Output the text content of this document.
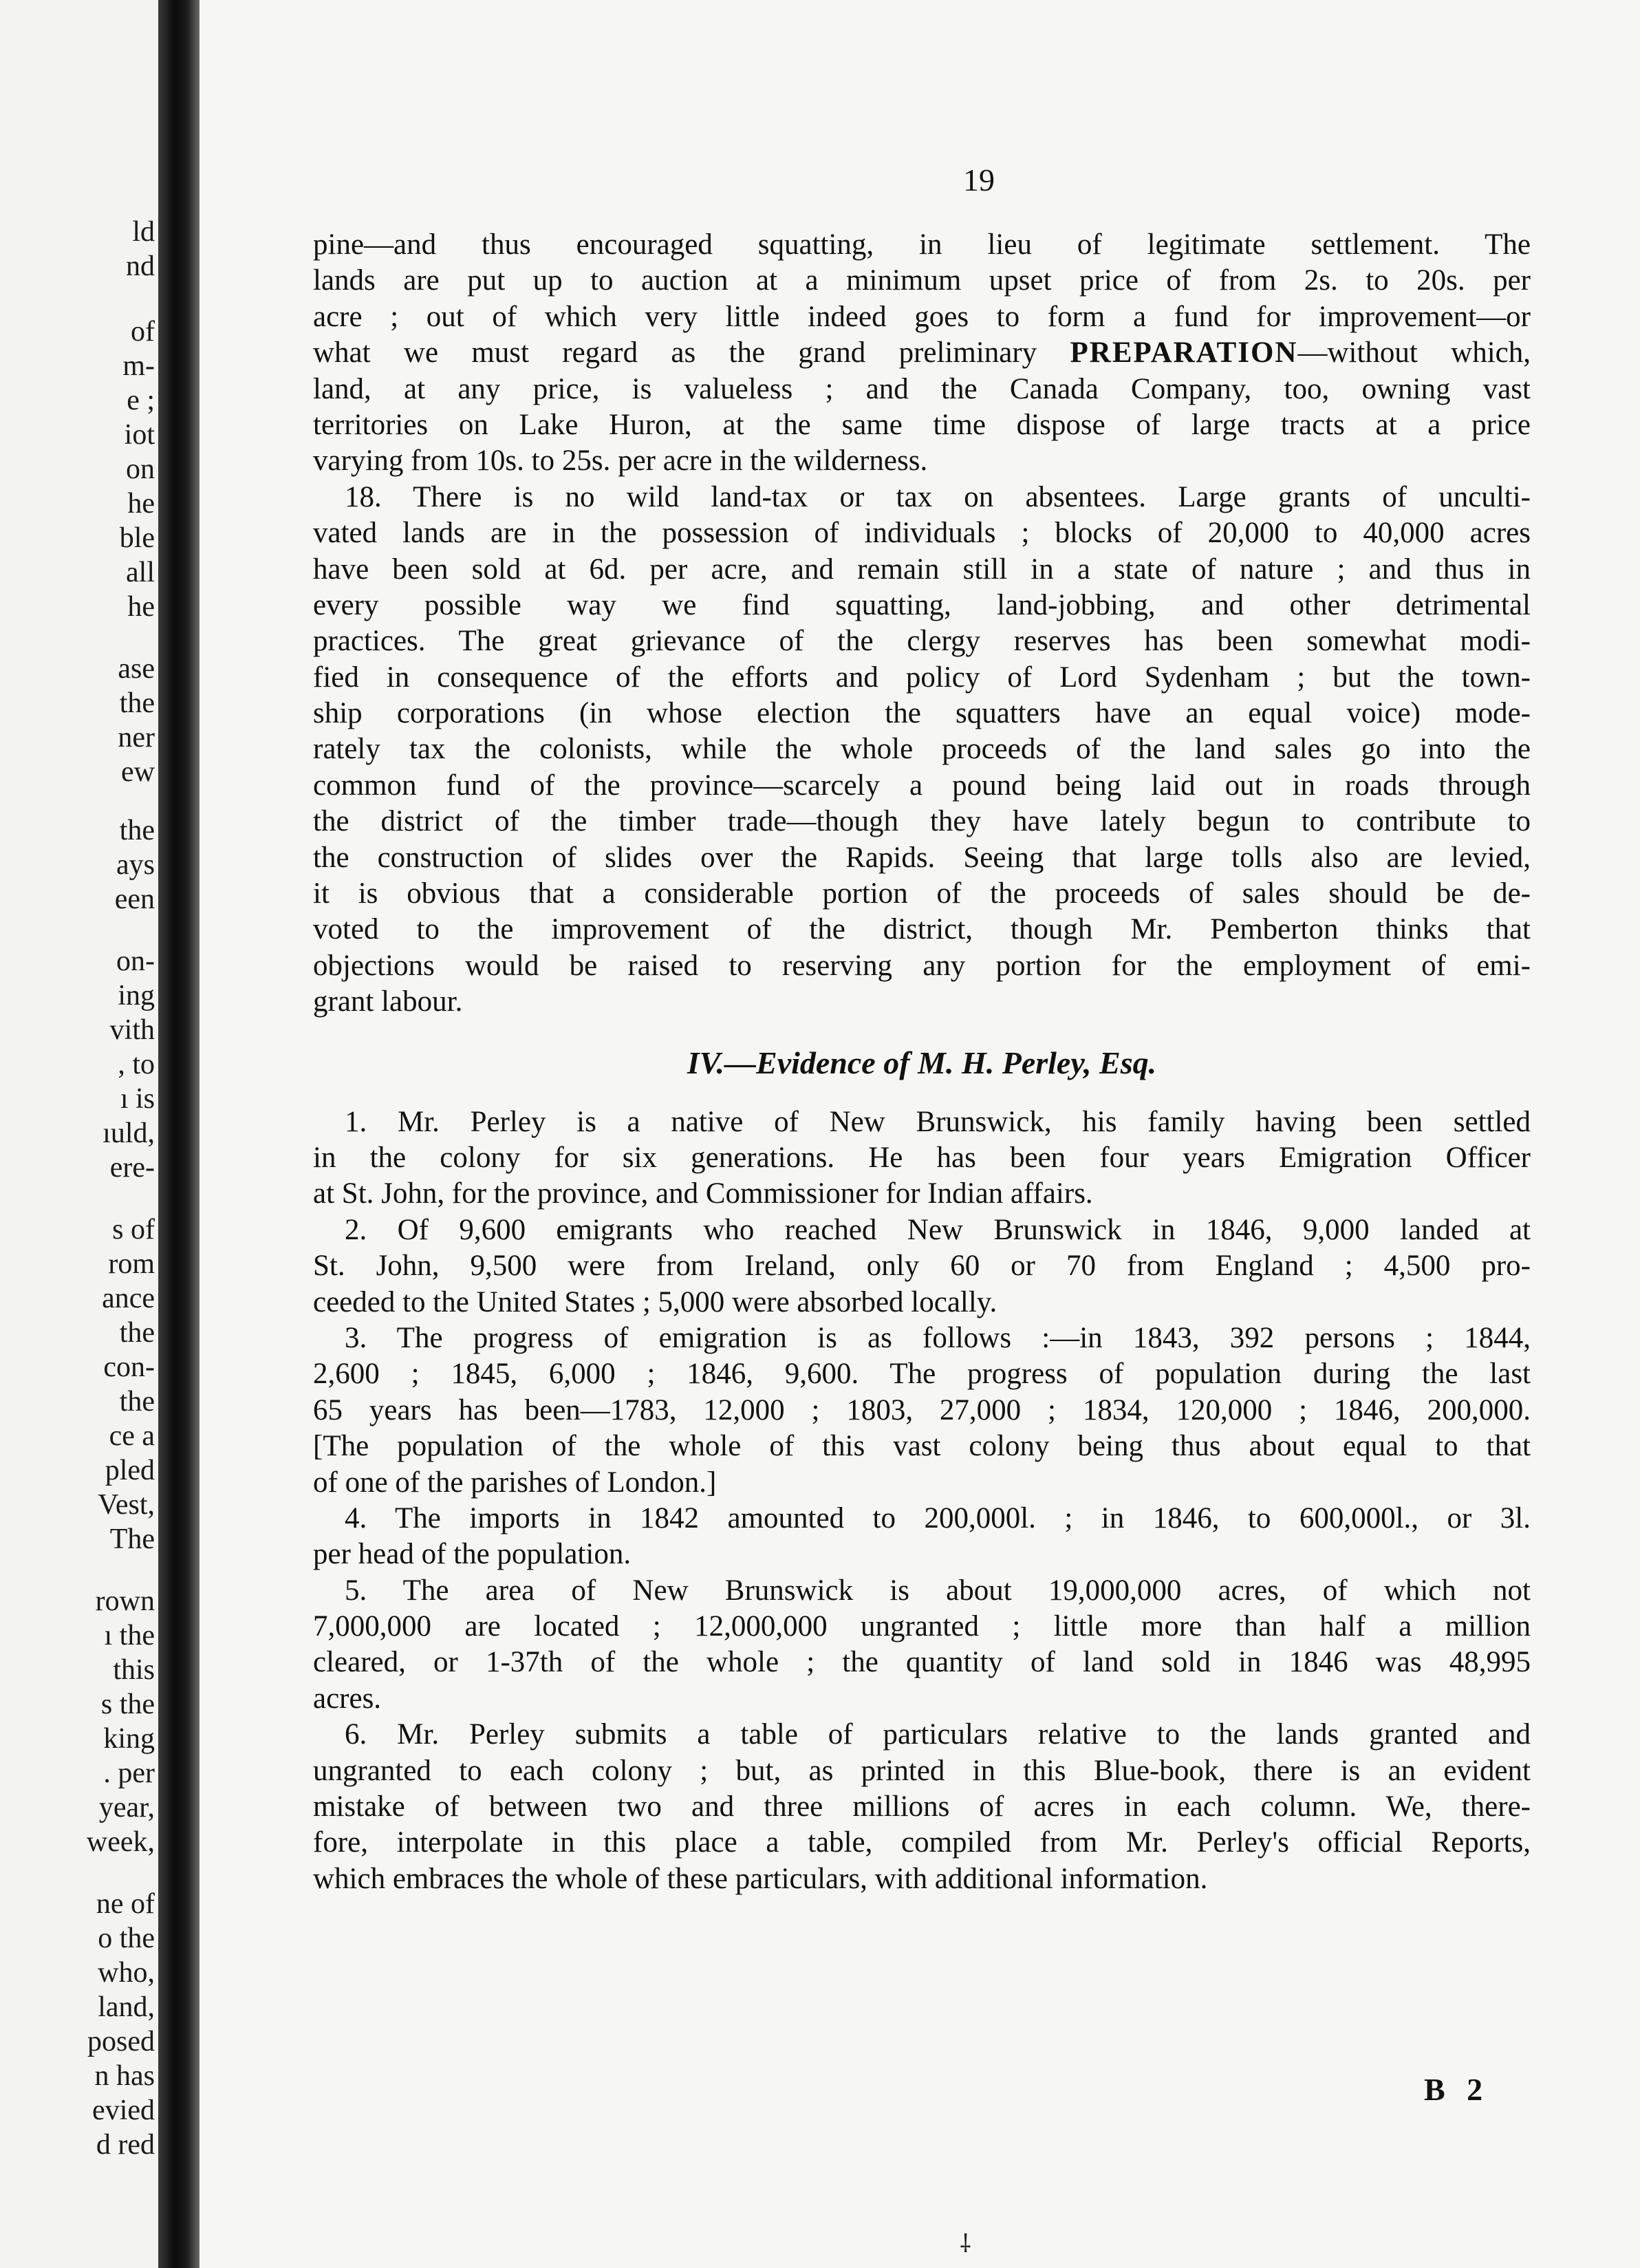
ld
nd
of
m-
e ;
iot
on
he
ble
all
he
ase
the
ner
ew
the
ays
een
on-
ing
vith
, to
ı is
ıuld,
ere-
s of
rom
ance
the
con-
the
ce a
pled
Vest,
The
rown
ı the
this
s the
king
. per
year,
week,
ne of
o the
who,
land,
posed
n has
evied
d red
19
pine—and thus encouraged squatting, in lieu of legitimate settlement. The
lands are put up to auction at a minimum upset price of from 2s. to 20s. per
acre ; out of which very little indeed goes to form a fund for improvement—or
what we must regard as the grand preliminary PREPARATION—without which,
land, at any price, is valueless ; and the Canada Company, too, owning vast
territories on Lake Huron, at the same time dispose of large tracts at a price
varying from 10s. to 25s. per acre in the wilderness.
18. There is no wild land-tax or tax on absentees. Large grants of unculti-
vated lands are in the possession of individuals ; blocks of 20,000 to 40,000 acres
have been sold at 6d. per acre, and remain still in a state of nature ; and thus in
every possible way we find squatting, land-jobbing, and other detrimental
practices. The great grievance of the clergy reserves has been somewhat modi-
fied in consequence of the efforts and policy of Lord Sydenham ; but the town-
ship corporations (in whose election the squatters have an equal voice) mode-
rately tax the colonists, while the whole proceeds of the land sales go into the
common fund of the province—scarcely a pound being laid out in roads through
the district of the timber trade—though they have lately begun to contribute to
the construction of slides over the Rapids. Seeing that large tolls also are levied,
it is obvious that a considerable portion of the proceeds of sales should be de-
voted to the improvement of the district, though Mr. Pemberton thinks that
objections would be raised to reserving any portion for the employment of emi-
grant labour.
IV.—Evidence of M. H. Perley, Esq.
1. Mr. Perley is a native of New Brunswick, his family having been settled
in the colony for six generations. He has been four years Emigration Officer
at St. John, for the province, and Commissioner for Indian affairs.
2. Of 9,600 emigrants who reached New Brunswick in 1846, 9,000 landed at
St. John, 9,500 were from Ireland, only 60 or 70 from England ; 4,500 pro-
ceeded to the United States ; 5,000 were absorbed locally.
3. The progress of emigration is as follows :—in 1843, 392 persons ; 1844,
2,600 ; 1845, 6,000 ; 1846, 9,600. The progress of population during the last
65 years has been—1783, 12,000 ; 1803, 27,000 ; 1834, 120,000 ; 1846, 200,000.
[The population of the whole of this vast colony being thus about equal to that
of one of the parishes of London.]
4. The imports in 1842 amounted to 200,000l. ; in 1846, to 600,000l., or 3l.
per head of the population.
5. The area of New Brunswick is about 19,000,000 acres, of which not
7,000,000 are located ; 12,000,000 ungranted ; little more than half a million
cleared, or 1-37th of the whole ; the quantity of land sold in 1846 was 48,995
acres.
6. Mr. Perley submits a table of particulars relative to the lands granted and
ungranted to each colony ; but, as printed in this Blue-book, there is an evident
mistake of between two and three millions of acres in each column. We, there-
fore, interpolate in this place a table, compiled from Mr. Perley's official Reports,
which embraces the whole of these particulars, with additional information.
B 2
⸸
